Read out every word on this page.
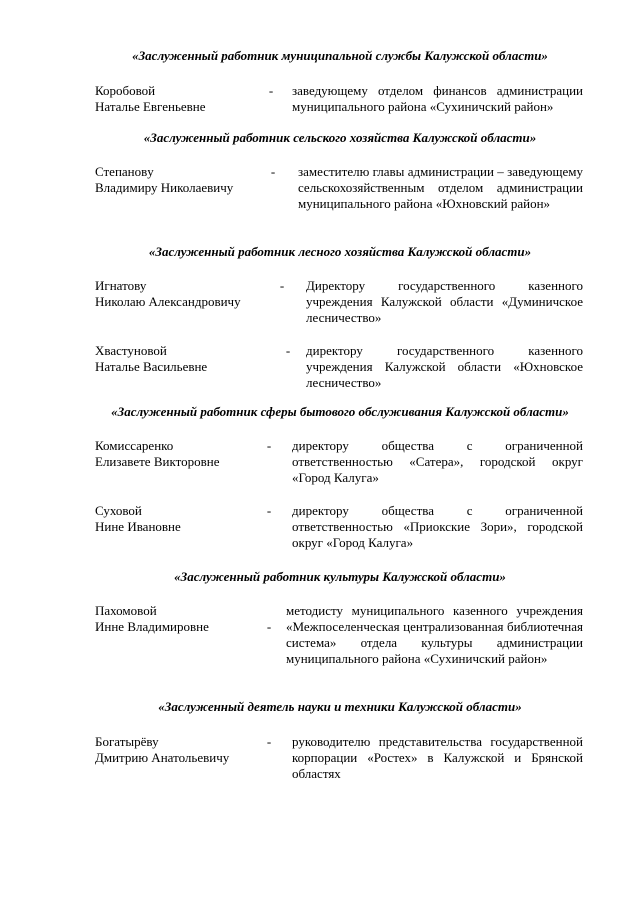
«Заслуженный работник муниципальной службы Калужской области»
Коробовой
Наталье Евгеньевне
- заведующему отделом финансов администрации муниципального района «Сухиничский район»
«Заслуженный работник сельского хозяйства Калужской области»
Степановy
Владимиру Николаевичу
- заместителю главы администрации – заведующему сельскохозяйственным отделом администрации муниципального района «Юхновский район»
«Заслуженный работник лесного хозяйства Калужской области»
Игнатову
Николаю Александровичу
- Директору государственного казенного учреждения Калужской области «Думиничское лесничество»
Хвастуновой
Наталье Васильевне
- директору государственного казенного учреждения Калужской области «Юхновское лесничество»
«Заслуженный работник сферы бытового обслуживания Калужской области»
Комиссаренко
Елизавете Викторовне
- директору общества с ограниченной ответственностью «Сатера», городской округ «Город Калуга»
Суховой
Нине Ивановне
- директору общества с ограниченной ответственностью «Приокские Зори», городской округ «Город Калуга»
«Заслуженный работник культуры Калужской области»
Пахомовой
Инне Владимировне	-
методисту муниципального казенного учреждения «Межпоселенческая централизованная библиотечная система» отдела культуры администрации муниципального района «Сухиничский район»
«Заслуженный деятель науки и техники Калужской области»
Богатырёву
Дмитрию Анатольевичу
- руководителю представительства государственной корпорации «Ростех» в Калужской и Брянской областях
